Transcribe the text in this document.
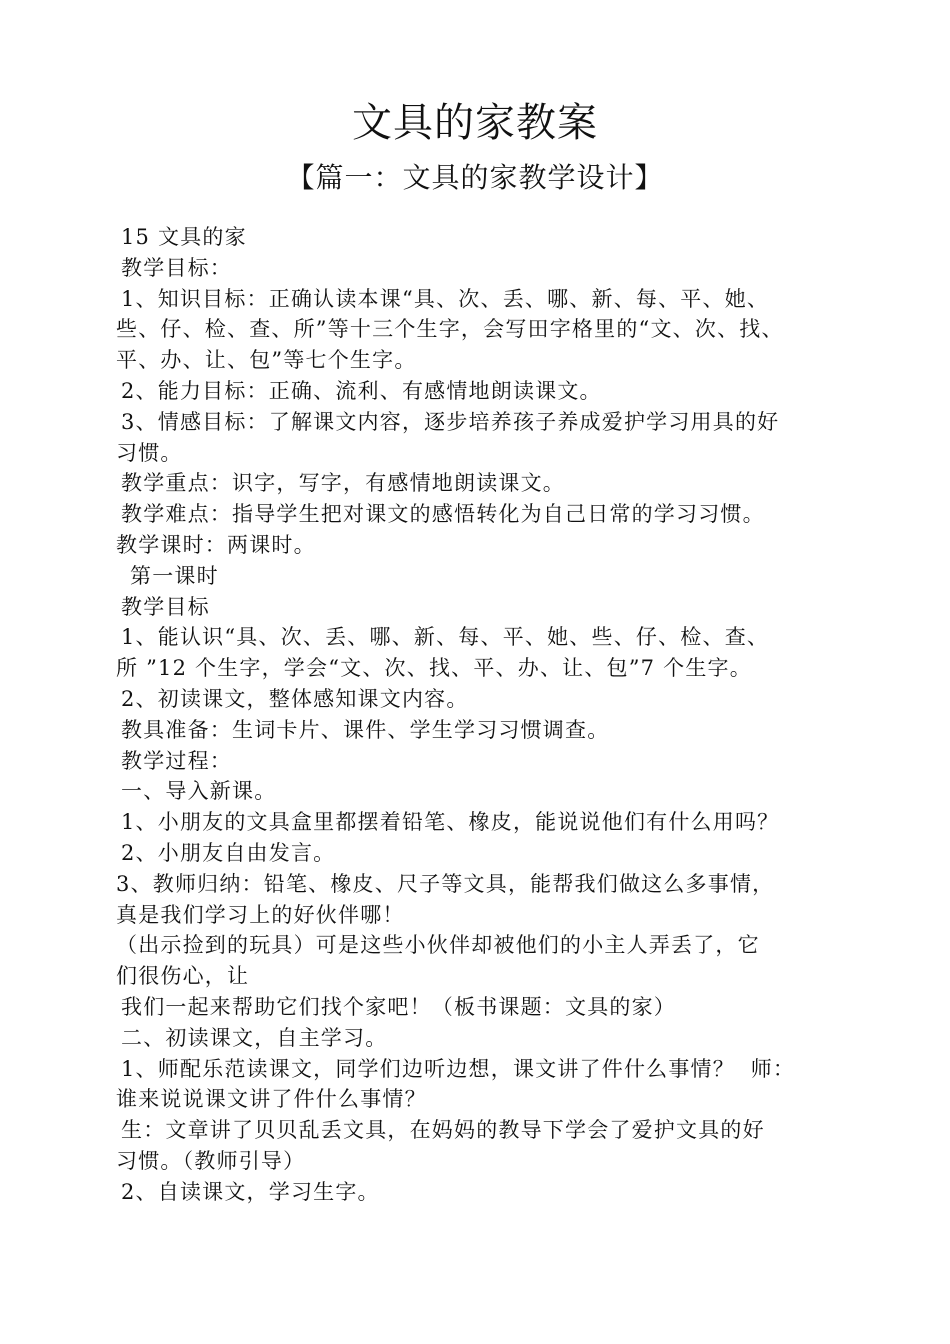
文具的家教案
【篇一：文具的家教学设计】
15 文具的家
教学目标：
1、知识目标：正确认读本课“具、次、丢、哪、新、每、平、她、
些、仔、检、查、所”等十三个生字，会写田字格里的“文、次、找、
平、办、让、包”等七个生字。
2、能力目标：正确、流利、有感情地朗读课文。
3、情感目标：了解课文内容，逐步培养孩子养成爱护学习用具的好
习惯。
教学重点：识字，写字，有感情地朗读课文。
教学难点：指导学生把对课文的感悟转化为自己日常的学习习惯。
教学课时：两课时。
第一课时
教学目标
1、能认识“具、次、丢、哪、新、每、平、她、些、仔、检、查、
所 ”12 个生字，学会“文、次、找、平、办、让、包”7 个生字。
2、初读课文，整体感知课文内容。
教具准备：生词卡片、课件、学生学习习惯调查。
教学过程：
一、导入新课。
1、小朋友的文具盒里都摆着铅笔、橡皮，能说说他们有什么用吗？
2、小朋友自由发言。
3、教师归纳：铅笔、橡皮、尺子等文具，能帮我们做这么多事情，
真是我们学习上的好伙伴哪！
（出示捡到的玩具）可是这些小伙伴却被他们的小主人弄丢了，它
们很伤心，让
我们一起来帮助它们找个家吧！（板书课题：文具的家）
二、初读课文，自主学习。
1、师配乐范读课文，同学们边听边想，课文讲了件什么事情？  师：
谁来说说课文讲了件什么事情？
生：文章讲了贝贝乱丢文具，在妈妈的教导下学会了爱护文具的好
习惯。（教师引导）
2、自读课文，学习生字。
